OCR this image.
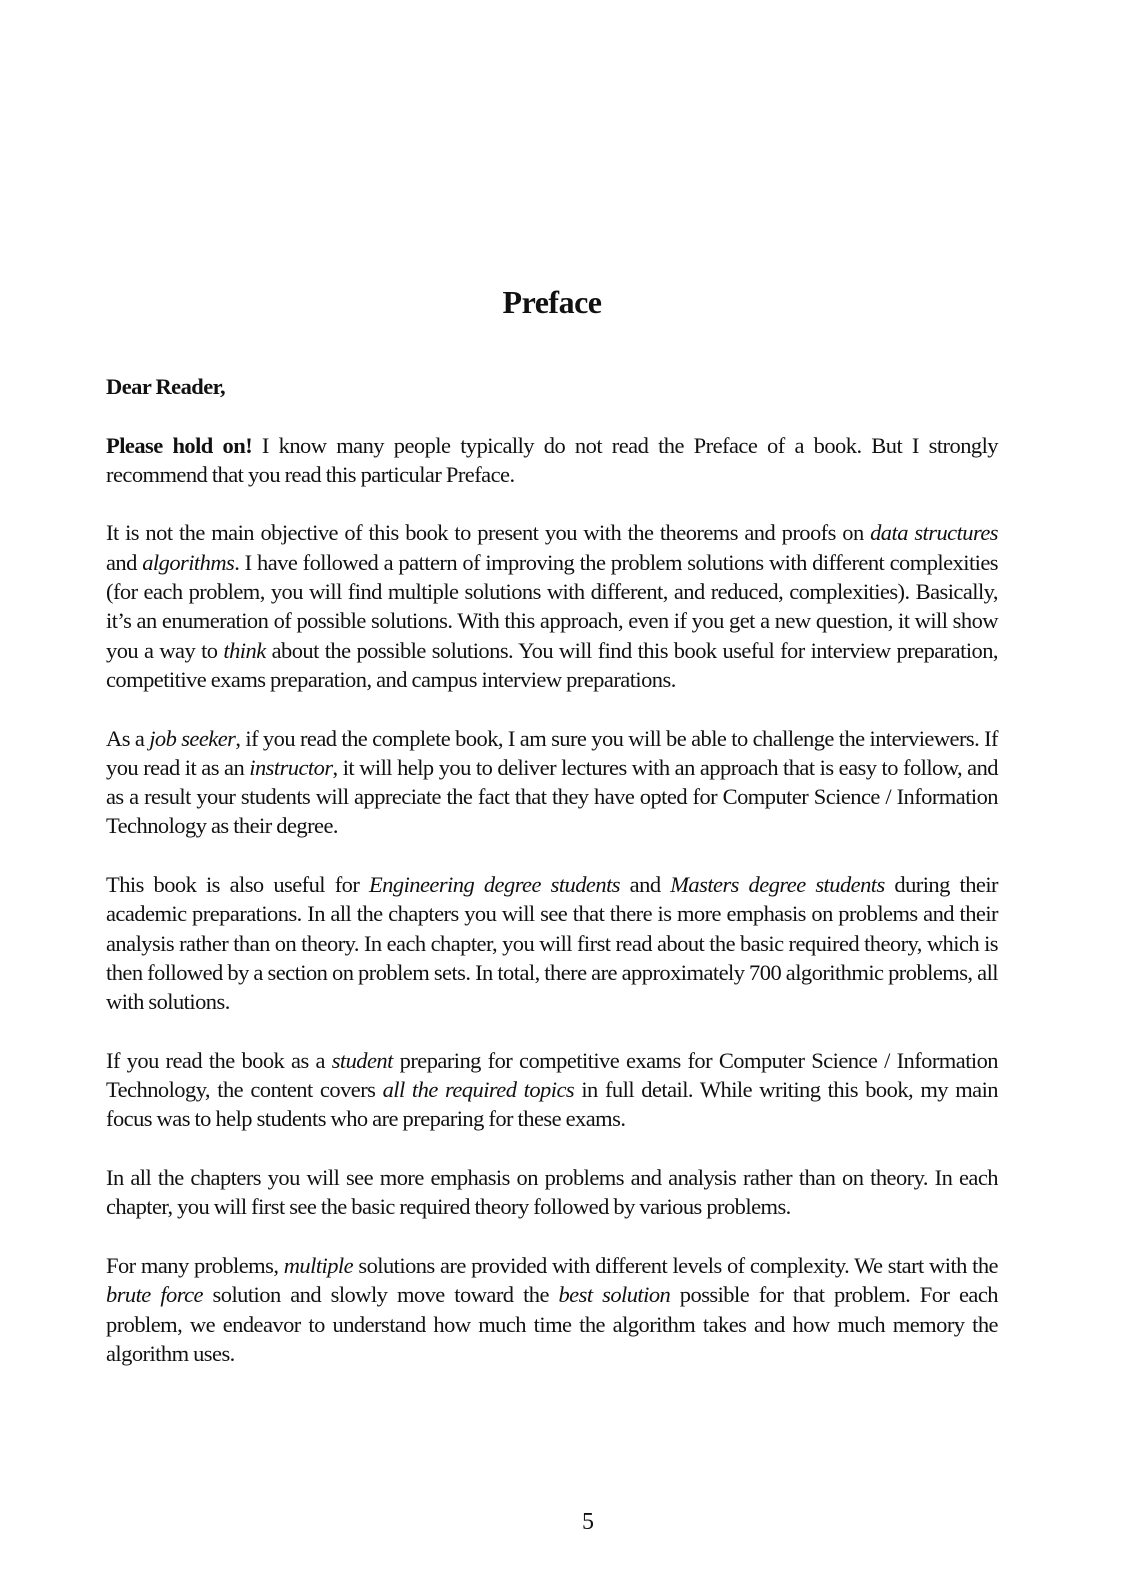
Preface

Dear Reader,

Please hold on! I know many people typically do not read the Preface of a book. But I strongly recommend that you read this particular Preface.

It is not the main objective of this book to present you with the theorems and proofs on data structures and algorithms. I have followed a pattern of improving the problem solutions with different complexities (for each problem, you will find multiple solutions with different, and reduced, complexities). Basically, it’s an enumeration of possible solutions. With this approach, even if you get a new question, it will show you a way to think about the possible solutions. You will find this book useful for interview preparation, competitive exams preparation, and campus interview preparations.

As a job seeker, if you read the complete book, I am sure you will be able to challenge the interviewers. If you read it as an instructor, it will help you to deliver lectures with an approach that is easy to follow, and as a result your students will appreciate the fact that they have opted for Computer Science / Information Technology as their degree.

This book is also useful for Engineering degree students and Masters degree students during their academic preparations. In all the chapters you will see that there is more emphasis on problems and their analysis rather than on theory. In each chapter, you will first read about the basic required theory, which is then followed by a section on problem sets. In total, there are approximately 700 algorithmic problems, all with solutions.

If you read the book as a student preparing for competitive exams for Computer Science / Information Technology, the content covers all the required topics in full detail. While writing this book, my main focus was to help students who are preparing for these exams.

In all the chapters you will see more emphasis on problems and analysis rather than on theory. In each chapter, you will first see the basic required theory followed by various problems.

For many problems, multiple solutions are provided with different levels of complexity. We start with the brute force solution and slowly move toward the best solution possible for that problem. For each problem, we endeavor to understand how much time the algorithm takes and how much memory the algorithm uses.

5
